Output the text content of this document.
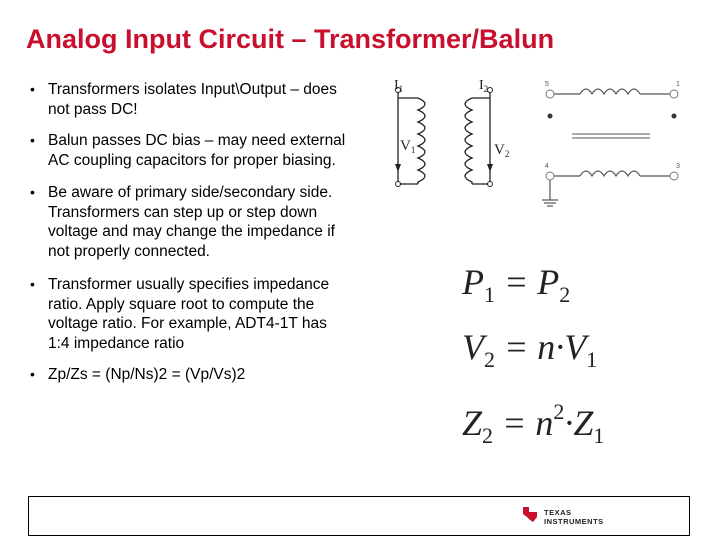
Analog Input Circuit – Transformer/Balun
• Transformers isolates Input\Output – does not pass DC!
• Balun passes DC bias – may need external AC coupling capacitors for proper biasing.
• Be aware of primary side/secondary side. Transformers can step up or step down voltage and may change the impedance if not properly connected.
• Transformer usually specifies impedance ratio. Apply square root to compute the voltage ratio. For example, ADT4-1T has 1:4 impedance ratio
• Zp/Zs = (Np/Ns)2 = (Vp/Vs)2
$I_1$	$I_2$
$V_1$	$V_2$
5	1
4	3
$P_1 = P_2$
$V_2 = n\cdot V_1$
$Z_2 = n^2\cdot Z_1$
TEXAS
INSTRUMENTS
